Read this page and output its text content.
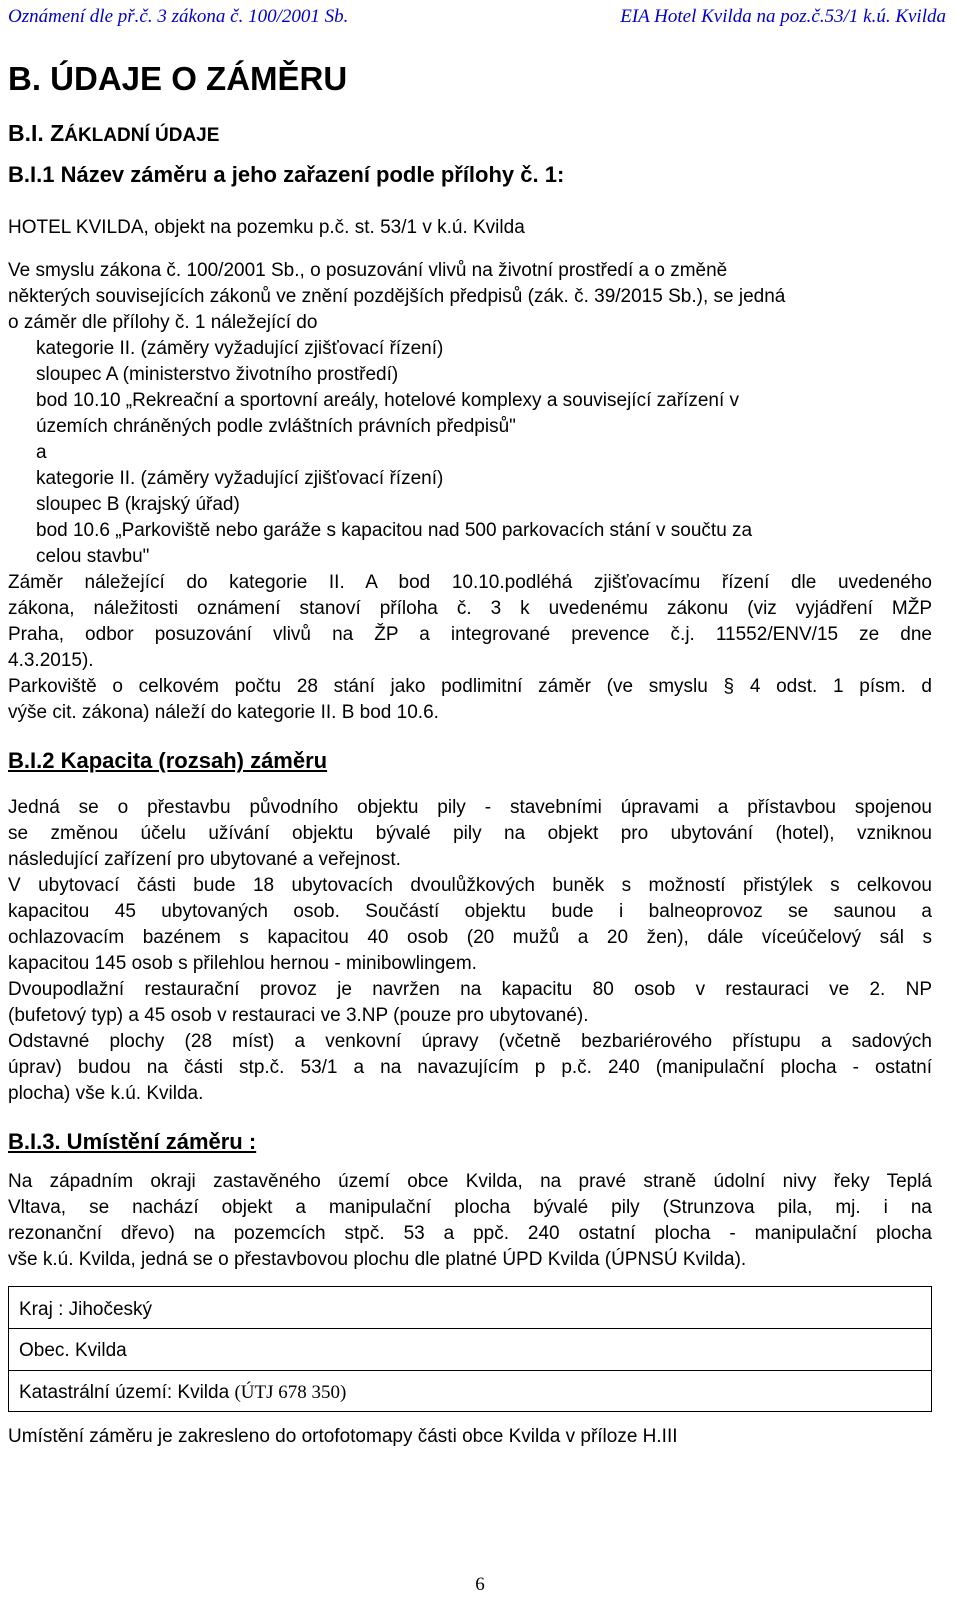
Oznámení dle př.č. 3 zákona č. 100/2001 Sb.	EIA Hotel Kvilda na poz.č.53/1 k.ú. Kvilda
B. ÚDAJE O ZÁMĚRU
B.I. ZÁKLADNÍ ÚDAJE
B.I.1 Název záměru a jeho zařazení podle přílohy č. 1:
HOTEL KVILDA, objekt na pozemku p.č. st. 53/1 v k.ú. Kvilda
Ve smyslu zákona č. 100/2001 Sb., o posuzování vlivů na životní prostředí a o změně
některých souvisejících zákonů ve znění pozdějších předpisů (zák. č. 39/2015 Sb.), se jedná
o záměr dle přílohy č. 1 náležející do
kategorie II. (záměry vyžadující zjišťovací řízení)
sloupec A (ministerstvo životního prostředí)
bod 10.10 „Rekreační a sportovní areály, hotelové komplexy a související zařízení v
územích chráněných podle zvláštních právních předpisů"
a
kategorie II. (záměry vyžadující zjišťovací řízení)
sloupec B (krajský úřad)
bod 10.6 „Parkoviště nebo garáže s kapacitou nad 500 parkovacích stání v součtu za
celou stavbu"
Záměr náležející do kategorie II. A bod 10.10.podléhá zjišťovacímu řízení dle uvedeného
zákona, náležitosti oznámení stanoví příloha č. 3 k uvedenému zákonu (viz vyjádření MŽP
Praha, odbor posuzování vlivů na ŽP a integrované prevence č.j. 11552/ENV/15 ze dne
4.3.2015).
Parkoviště o celkovém počtu 28 stání jako podlimitní záměr (ve smyslu § 4 odst. 1 písm. d
výše cit. zákona) náleží do kategorie II. B bod 10.6.
B.I.2 Kapacita (rozsah) záměru
Jedná se o přestavbu původního objektu pily - stavebními úpravami a přístavbou spojenou
se změnou účelu užívání objektu bývalé pily na objekt pro ubytování (hotel), vzniknou
následující zařízení pro ubytované a veřejnost.
V ubytovací části bude 18 ubytovacích dvoulůžkových buněk s možností přistýlek s celkovou
kapacitou 45 ubytovaných osob. Součástí objektu bude i balneoprovoz se saunou a
ochlazovacím bazénem s kapacitou 40 osob (20 mužů a 20 žen), dále víceúčelový sál s
kapacitou 145 osob s přilehlou hernou - minibowlingem.
Dvoupodlažní restaurační provoz je navržen na kapacitu 80 osob v restauraci ve 2. NP
(bufetový typ) a 45 osob v restauraci ve 3.NP (pouze pro ubytované).
Odstavné plochy (28 míst) a venkovní úpravy (včetně bezbariérového přístupu a sadových
úprav) budou na části stp.č. 53/1 a na navazujícím p p.č. 240 (manipulační plocha - ostatní
plocha) vše k.ú. Kvilda.
B.I.3. Umístění záměru :
Na západním okraji zastavěného území obce Kvilda, na pravé straně údolní nivy řeky Teplá
Vltava, se nachází objekt a manipulační plocha bývalé pily (Strunzova pila, mj. i na
rezonanční dřevo) na pozemcích stpč. 53 a ppč. 240 ostatní plocha - manipulační plocha
vše k.ú. Kvilda, jedná se o přestavbovou plochu dle platné ÚPD Kvilda (ÚPNSÚ Kvilda).
Kraj : Jihočeský
Obec. Kvilda
Katastrální území: Kvilda (ÚTJ 678 350)
Umístění záměru je zakresleno do ortofotomapy části obce Kvilda v příloze H.III
6
